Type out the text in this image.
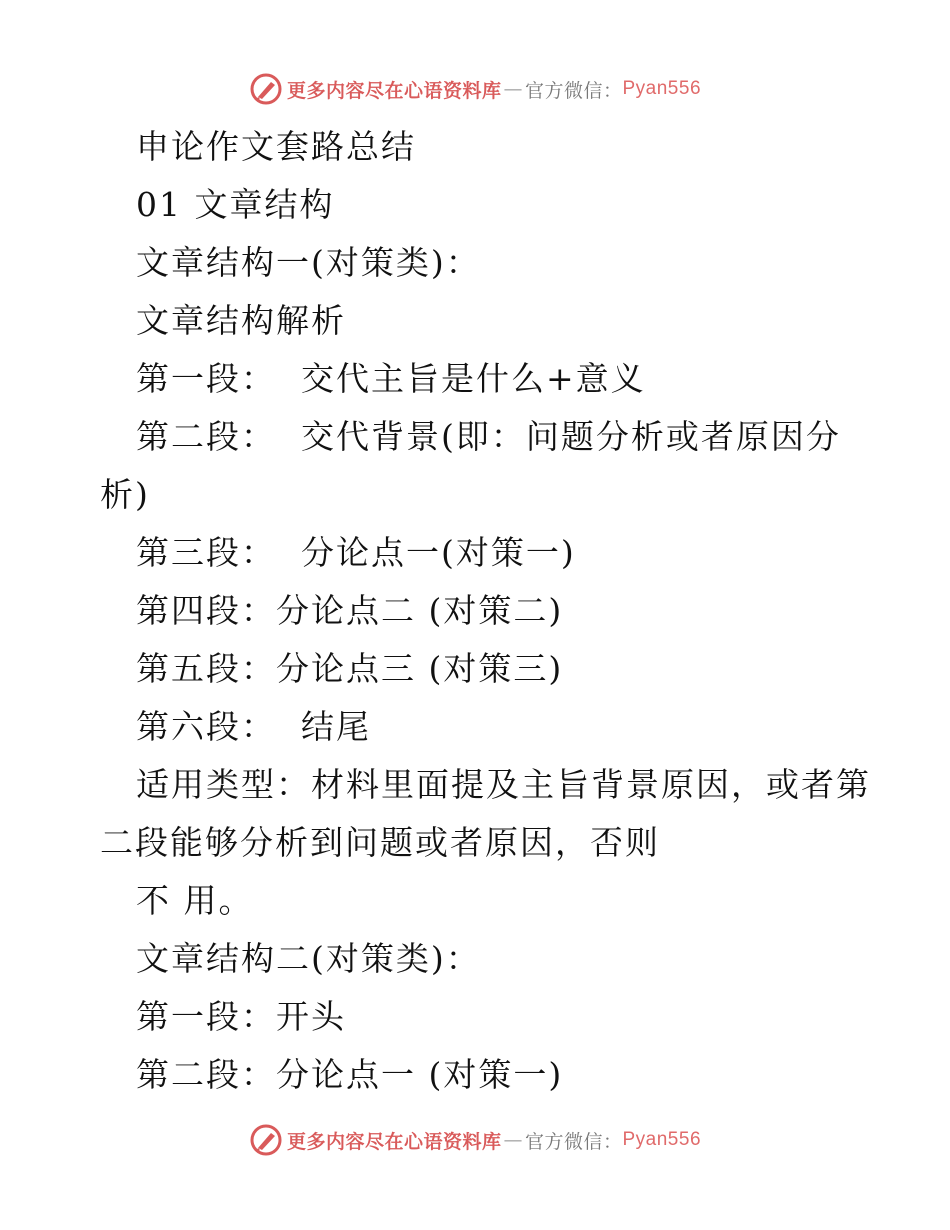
更多内容尽在心语资料库 — 官方微信： Pyan556
申论作文套路总结
01 文章结构
文章结构一(对策类)：
文章结构解析
第一段：  交代主旨是什么+意义
第二段：  交代背景(即：问题分析或者原因分
析)
第三段：  分论点一(对策一)
第四段：分论点二 (对策二)
第五段：分论点三 (对策三)
第六段：  结尾
适用类型：材料里面提及主旨背景原因，或者第
二段能够分析到问题或者原因，否则
不 用。
文章结构二(对策类)：
第一段：开头
第二段：分论点一 (对策一)
更多内容尽在心语资料库 — 官方微信： Pyan556
